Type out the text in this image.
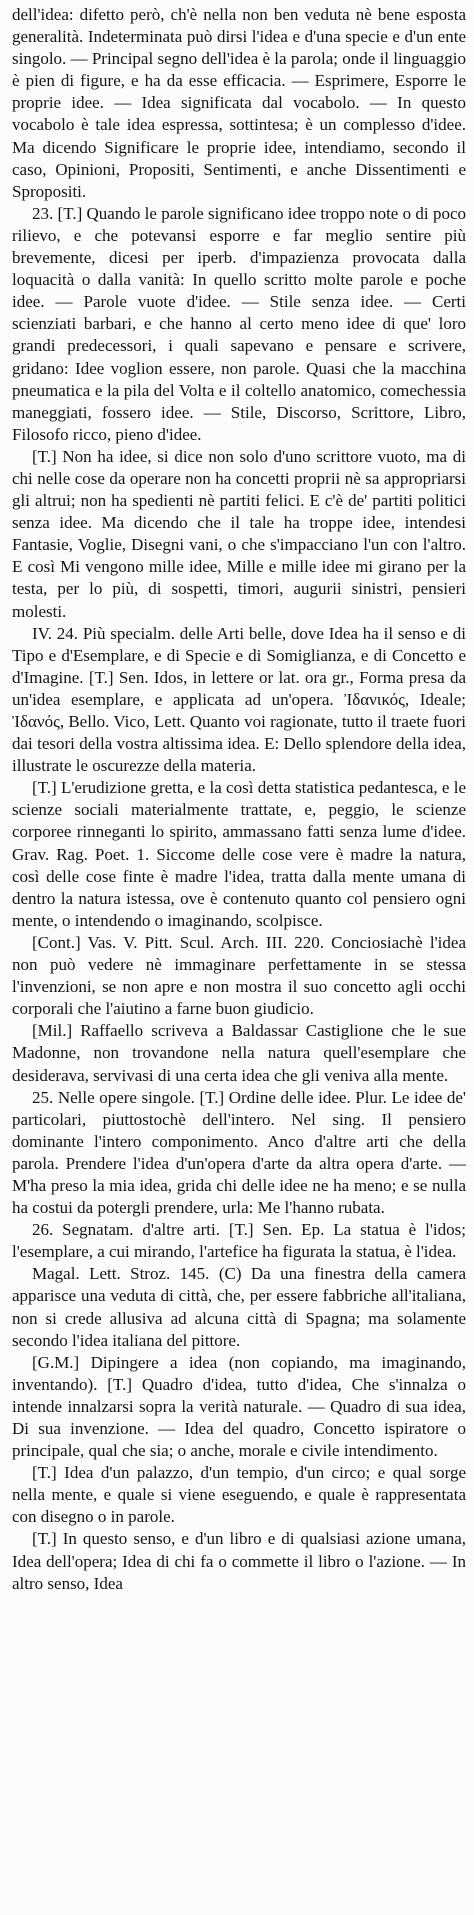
dell'idea: difetto però, ch'è nella non ben veduta nè bene esposta generalità. Indeterminata può dirsi l'idea e d'una specie e d'un ente singolo. — Principal segno dell'idea è la parola; onde il linguaggio è pien di figure, e ha da esse efficacia. — Esprimere, Esporre le proprie idee. — Idea significata dal vocabolo. — In questo vocabolo è tale idea espressa, sottintesa; è un complesso d'idee. Ma dicendo Significare le proprie idee, intendiamo, secondo il caso, Opinioni, Propositi, Sentimenti, e anche Dissentimenti e Spropositi.

23. [T.] Quando le parole significano idee troppo note o di poco rilievo, e che potevansi esporre e far meglio sentire più brevemente, dicesi per iperb. d'impazienza provocata dalla loquacità o dalla vanità: In quello scritto molte parole e poche idee. — Parole vuote d'idee. — Stile senza idee. — Certi scienziati barbari, e che hanno al certo meno idee di que' loro grandi predecessori, i quali sapevano e pensare e scrivere, gridano: Idee voglion essere, non parole. Quasi che la macchina pneumatica e la pila del Volta e il coltello anatomico, comechessia maneggiati, fossero idee. — Stile, Discorso, Scrittore, Libro, Filosofo ricco, pieno d'idee.

[T.] Non ha idee, si dice non solo d'uno scrittore vuoto, ma di chi nelle cose da operare non ha concetti proprii nè sa appropriarsi gli altrui; non ha spedienti nè partiti felici. E c'è de' partiti politici senza idee. Ma dicendo che il tale ha troppe idee, intendesi Fantasie, Voglie, Disegni vani, o che s'impacciano l'un con l'altro. E così Mi vengono mille idee, Mille e mille idee mi girano per la testa, per lo più, di sospetti, timori, augurii sinistri, pensieri molesti.

IV. 24. Più specialm. delle Arti belle, dove Idea ha il senso e di Tipo e d'Esemplare, e di Specie e di Somiglianza, e di Concetto e d'Imagine. [T.] Sen. Idos, in lettere or lat. ora gr., Forma presa da un'idea esemplare, e applicata ad un'opera. Ἰδανικός, Ideale; Ἰδανός, Bello. Vico, Lett. Quanto voi ragionate, tutto il traete fuori dai tesori della vostra altissima idea. E: Dello splendore della idea, illustrate le oscurezze della materia.

[T.] L'erudizione gretta, e la così detta statistica pedantesca, e le scienze sociali materialmente trattate, e, peggio, le scienze corporee rinneganti lo spirito, ammassano fatti senza lume d'idee. Grav. Rag. Poet. 1. Siccome delle cose vere è madre la natura, così delle cose finte è madre l'idea, tratta dalla mente umana di dentro la natura istessa, ove è contenuto quanto col pensiero ogni mente, o intendendo o imaginando, scolpisce.

[Cont.] Vas. V. Pitt. Scul. Arch. III. 220. Conciosiachè l'idea non può vedere nè immaginare perfettamente in se stessa l'invenzioni, se non apre e non mostra il suo concetto agli occhi corporali che l'aiutino a farne buon giudicio.

[Mil.] Raffaello scriveva a Baldassar Castiglione che le sue Madonne, non trovandone nella natura quell'esemplare che desiderava, servivasi di una certa idea che gli veniva alla mente.

25. Nelle opere singole. [T.] Ordine delle idee. Plur. Le idee de' particolari, piuttostochè dell'intero. Nel sing. Il pensiero dominante l'intero componimento. Anco d'altre arti che della parola. Prendere l'idea d'un'opera d'arte da altra opera d'arte. — M'ha preso la mia idea, grida chi delle idee ne ha meno; e se nulla ha costui da potergli prendere, urla: Me l'hanno rubata.

26. Segnatam. d'altre arti. [T.] Sen. Ep. La statua è l'idos; l'esemplare, a cui mirando, l'artefice ha figurata la statua, è l'idea.

Magal. Lett. Stroz. 145. (C) Da una finestra della camera apparisce una veduta di città, che, per essere fabbriche all'italiana, non si crede allusiva ad alcuna città di Spagna; ma solamente secondo l'idea italiana del pittore.

[G.M.] Dipingere a idea (non copiando, ma imaginando, inventando). [T.] Quadro d'idea, tutto d'idea, Che s'innalza o intende innalzarsi sopra la verità naturale. — Quadro di sua idea, Di sua invenzione. — Idea del quadro, Concetto ispiratore o principale, qual che sia; o anche, morale e civile intendimento.

[T.] Idea d'un palazzo, d'un tempio, d'un circo; e qual sorge nella mente, e quale si viene eseguendo, e quale è rappresentata con disegno o in parole.

[T.] In questo senso, e d'un libro e di qualsiasi azione umana, Idea dell'opera; Idea di chi fa o commette il libro o l'azione. — In altro senso, Idea
